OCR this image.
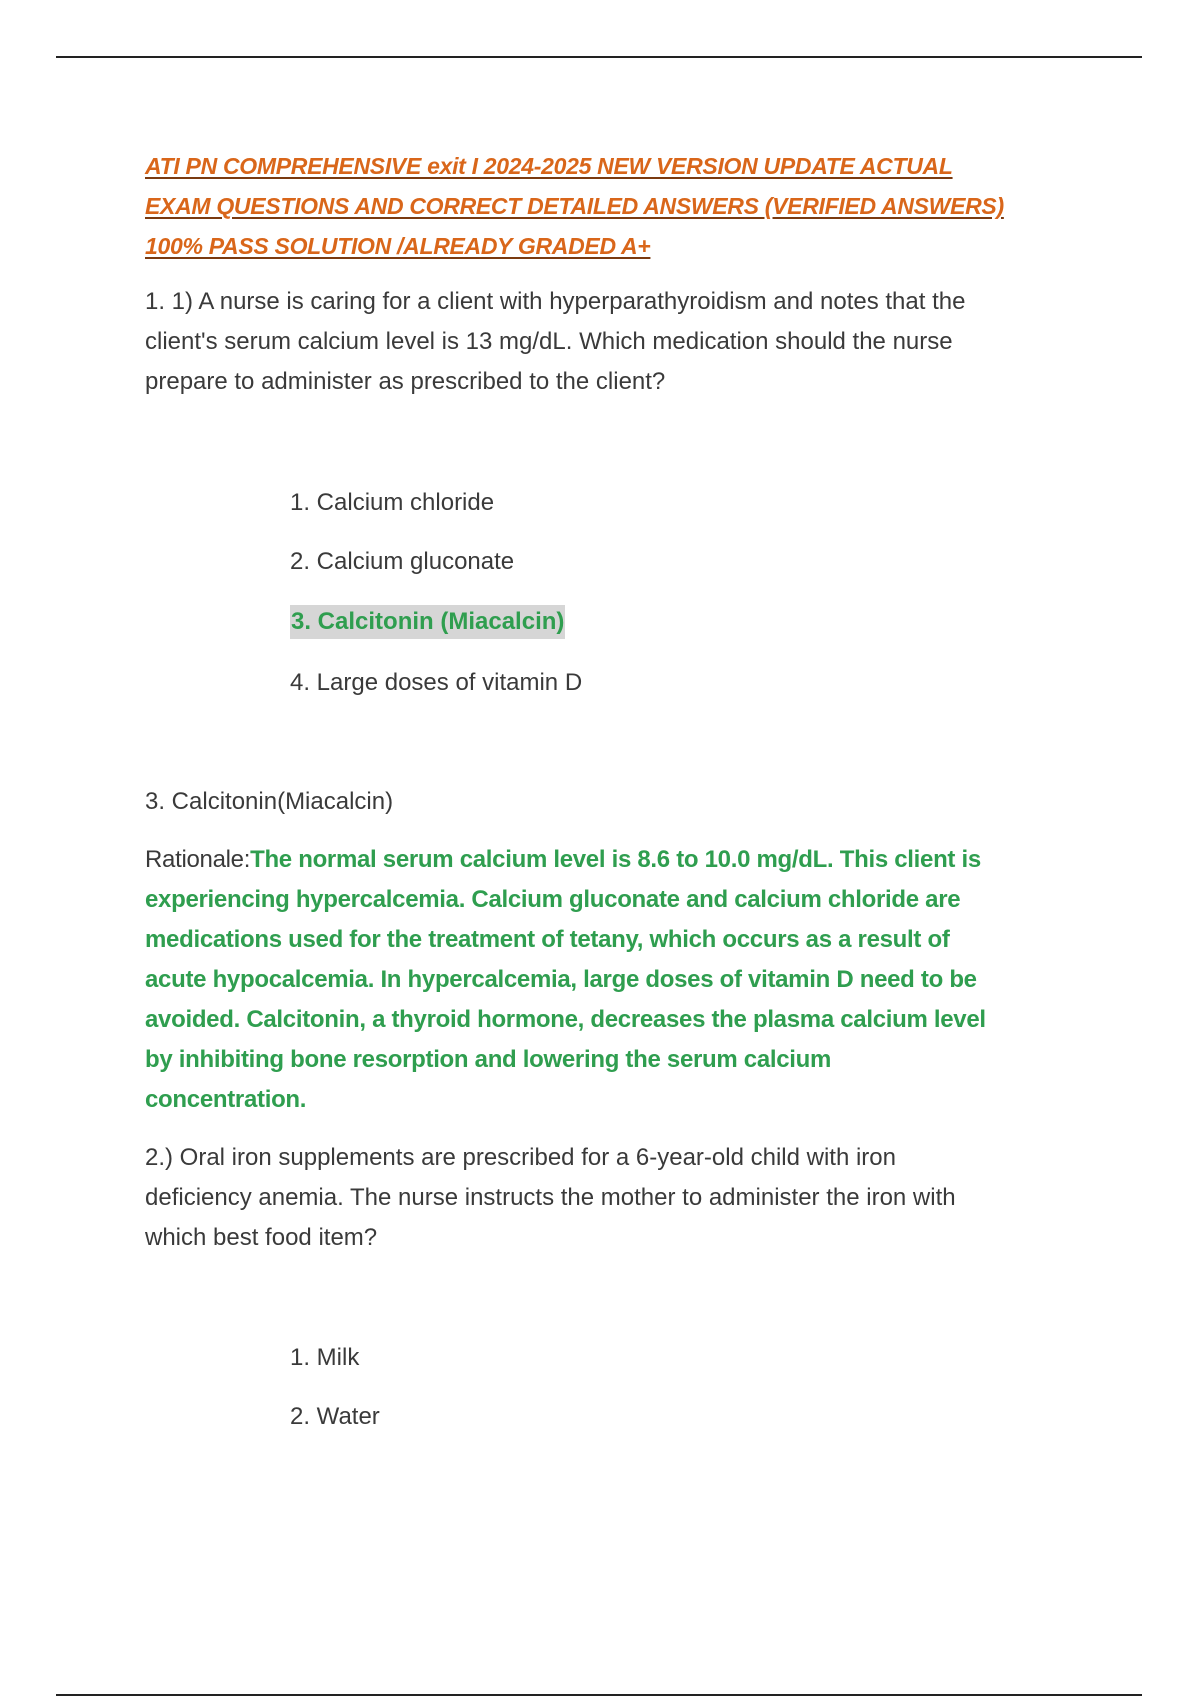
ATI PN COMPREHENSIVE exit I 2024-2025 NEW VERSION UPDATE ACTUAL
EXAM QUESTIONS AND CORRECT DETAILED ANSWERS (VERIFIED ANSWERS)
100% PASS SOLUTION /ALREADY GRADED A+

1. 1) A nurse is caring for a client with hyperparathyroidism and notes that the
client's serum calcium level is 13 mg/dL. Which medication should the nurse
prepare to administer as prescribed to the client?

1. Calcium chloride

2. Calcium gluconate

3. Calcitonin (Miacalcin)

4. Large doses of vitamin D

3. Calcitonin(Miacalcin)

Rationale:The normal serum calcium level is 8.6 to 10.0 mg/dL. This client is
experiencing hypercalcemia. Calcium gluconate and calcium chloride are
medications used for the treatment of tetany, which occurs as a result of
acute hypocalcemia. In hypercalcemia, large doses of vitamin D need to be
avoided. Calcitonin, a thyroid hormone, decreases the plasma calcium level
by inhibiting bone resorption and lowering the serum calcium
concentration.

2.) Oral iron supplements are prescribed for a 6-year-old child with iron
deficiency anemia. The nurse instructs the mother to administer the iron with
which best food item?

1. Milk

2. Water
